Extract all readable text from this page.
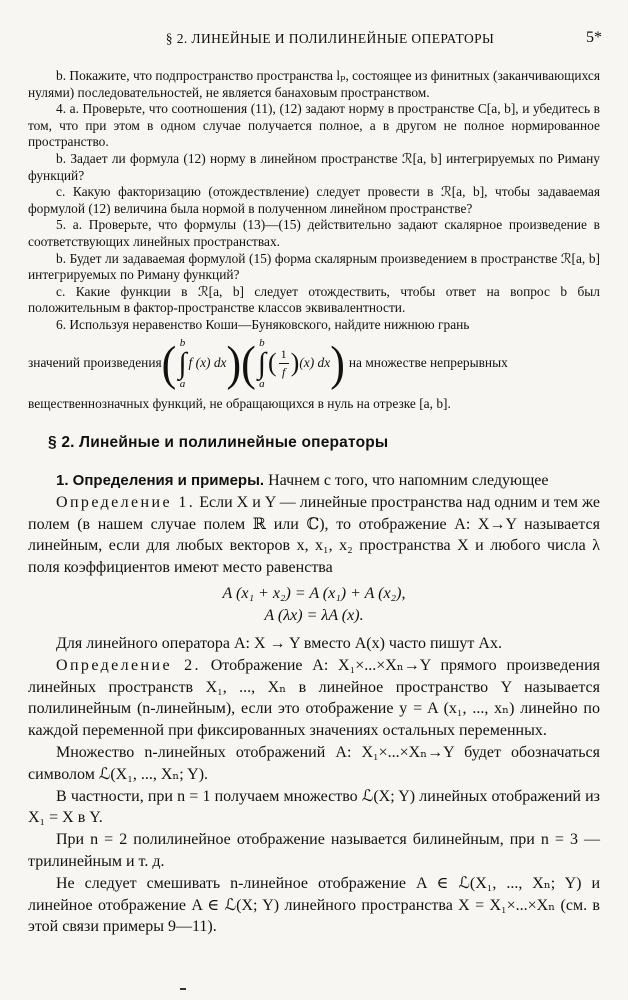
§ 2. ЛИНЕЙНЫЕ И ПОЛИЛИНЕЙНЫЕ ОПЕРАТОРЫ	5*

b. Покажите, что подпространство пространства lₚ, состоящее из финитных (заканчивающихся нулями) последовательностей, не является банаховым пространством.

4. а. Проверьте, что соотношения (11), (12) задают норму в пространстве C[a, b], и убедитесь в том, что при этом в одном случае получается полное, а в другом не полное нормированное пространство.

b. Задает ли формула (12) норму в линейном пространстве ℛ[a, b] интегрируемых по Риману функций?

c. Какую факторизацию (отождествление) следует провести в ℛ[a, b], чтобы задаваемая формулой (12) величина была нормой в полученном линейном пространстве?

5. а. Проверьте, что формулы (13)—(15) действительно задают скалярное произведение в соответствующих линейных пространствах.

b. Будет ли задаваемая формулой (15) форма скалярным произведением в пространстве ℛ[a, b] интегрируемых по Риману функций?

c. Какие функции в ℛ[a, b] следует отождествить, чтобы ответ на вопрос b был положительным в фактор-пространстве классов эквивалентности.

6. Используя неравенство Коши—Буняковского, найдите нижнюю грань

значений произведения ( b
∫
a
f (x) dx ) ( b
∫
a
( $\frac{1}{f}$ ) (x) dx ) на множестве непрерывных

вещественнозначных функций, не обращающихся в нуль на отрезке [a, b].

§ 2. Линейные и полилинейные операторы

1. Определения и примеры. Начнем с того, что напомним следующее

Определение 1. Если X и Y — линейные пространства над одним и тем же полем (в нашем случае полем ℝ или ℂ), то отображение A: X→Y называется линейным, если для любых векторов x, x₁, x₂ пространства X и любого числа λ поля коэффициентов имеют место равенства

A (x₁ + x₂) = A (x₁) + A (x₂),
A (λx) = λA (x).

Для линейного оператора A: X → Y вместо A(x) часто пишут Ax.

Определение 2. Отображение A: X₁×...×Xₙ→Y прямого произведения линейных пространств X₁, ..., Xₙ в линейное пространство Y называется полилинейным (n-линейным), если это отображение y = A (x₁, ..., xₙ) линейно по каждой переменной при фиксированных значениях остальных переменных.

Множество n-линейных отображений A: X₁×...×Xₙ→Y будет обозначаться символом ℒ(X₁, ..., Xₙ; Y).

В частности, при n = 1 получаем множество ℒ(X; Y) линейных отображений из X₁ = X в Y.

При n = 2 полилинейное отображение называется билинейным, при n = 3 — трилинейным и т. д.

Не следует смешивать n-линейное отображение A ∈ ℒ(X₁, ..., Xₙ; Y) и линейное отображение A ∈ ℒ(X; Y) линейного пространства X = X₁×...×Xₙ (см. в этой связи примеры 9—11).
